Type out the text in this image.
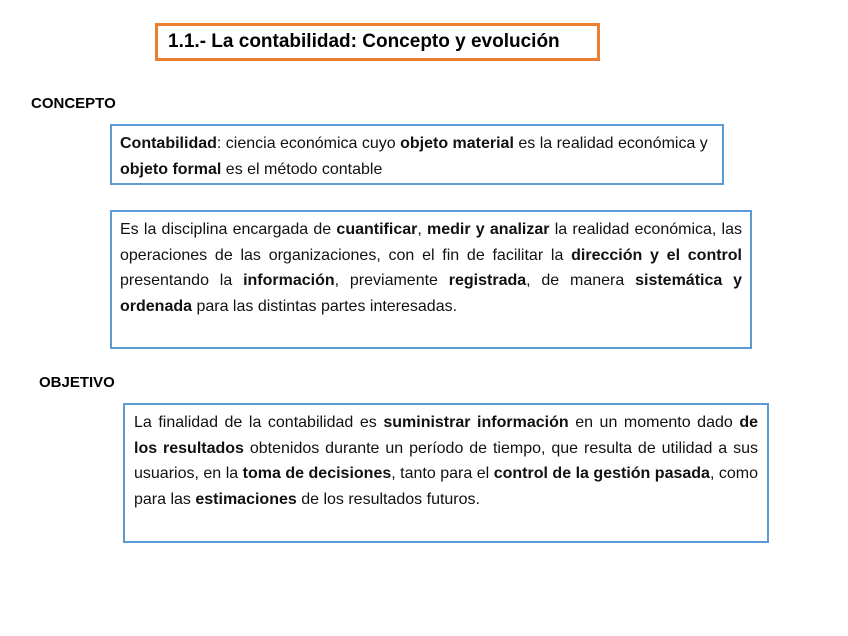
1.1.- La contabilidad: Concepto y evolución
CONCEPTO
Contabilidad: ciencia económica cuyo objeto material es la realidad económica y objeto formal es el método contable
Es la disciplina encargada de cuantificar, medir y analizar la realidad económica, las operaciones de las organizaciones, con el fin de facilitar la dirección y el control presentando la información, previamente registrada, de manera sistemática y ordenada para las distintas partes interesadas.
OBJETIVO
La finalidad de la contabilidad es suministrar información en un momento dado de los resultados obtenidos durante un período de tiempo, que resulta de utilidad a sus usuarios, en la toma de decisiones, tanto para el control de la gestión pasada, como para las estimaciones de los resultados futuros.
